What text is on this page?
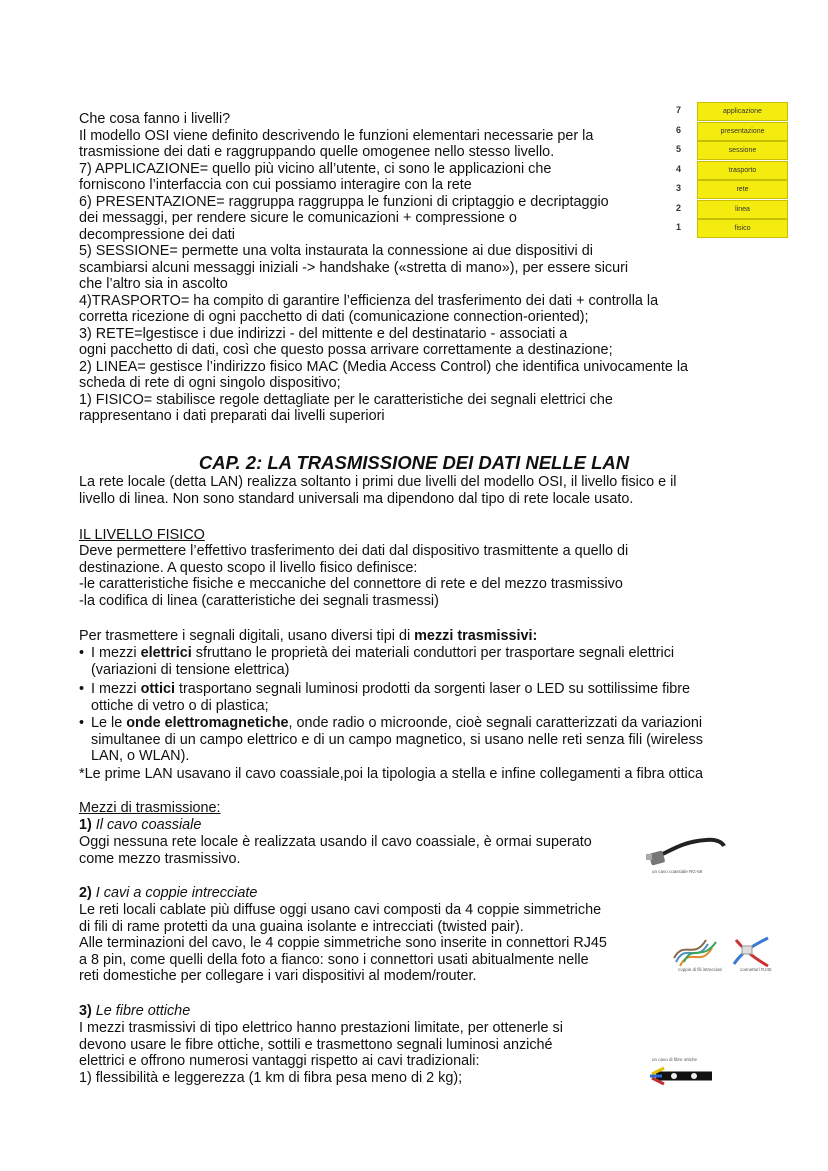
7	applicazione
6	presentazione
5	sessione
4	trasporto
3	rete
2	linea
1	fisico
Che cosa fanno i livelli?
Il modello OSI viene definito descrivendo le funzioni elementari necessarie per la
trasmissione dei dati e raggruppando quelle omogenee nello stesso livello.
7) APPLICAZIONE= quello più vicino all’utente, ci sono le applicazioni che
forniscono l’interfaccia con cui possiamo interagire con la rete
6) PRESENTAZIONE= raggruppa raggruppa le funzioni di criptaggio e decriptaggio
dei messaggi, per rendere sicure le comunicazioni + compressione o
decompressione dei dati
5) SESSIONE= permette una volta instaurata la connessione ai due dispositivi di
scambiarsi alcuni messaggi iniziali -> handshake («stretta di mano»), per essere sicuri
che l’altro sia in ascolto
4)TRASPORTO= ha compito di garantire l’efficienza del trasferimento dei dati + controlla la
corretta ricezione di ogni pacchetto di dati (comunicazione connection-oriented);
3) RETE=lgestisce i due indirizzi - del mittente e del destinatario - associati a
ogni pacchetto di dati, così che questo possa arrivare correttamente a destinazione;
2) LINEA= gestisce l’indirizzo fisico MAC (Media Access Control) che identifica univocamente la
scheda di rete di ogni singolo dispositivo;
1) FISICO= stabilisce regole dettagliate per le caratteristiche dei segnali elettrici che
rappresentano i dati preparati dai livelli superiori
CAP. 2: LA TRASMISSIONE DEI DATI NELLE LAN
La rete locale (detta LAN) realizza soltanto i primi due livelli del modello OSI, il livello fisico e il
livello di linea. Non sono standard universali ma dipendono dal tipo di rete locale usato.
IL LIVELLO FISICO
Deve permettere l’effettivo trasferimento dei dati dal dispositivo trasmittente a quello di
destinazione. A questo scopo il livello fisico definisce:
-le caratteristiche fisiche e meccaniche del connettore di rete e del mezzo trasmissivo
-la codifica di linea (caratteristiche dei segnali trasmessi)
Per trasmettere i segnali digitali, usano diversi tipi di mezzi trasmissivi:
• I mezzi elettrici sfruttano le proprietà dei materiali conduttori per trasportare segnali elettrici
(variazioni di tensione elettrica)
• I mezzi ottici trasportano segnali luminosi prodotti da sorgenti laser o LED su sottilissime fibre
ottiche di vetro o di plastica;
• Le le onde elettromagnetiche, onde radio o microonde, cioè segnali caratterizzati da variazioni
simultanee di un campo elettrico e di un campo magnetico, si usano nelle reti senza fili (wireless
LAN, o WLAN).
*Le prime LAN usavano il cavo coassiale,poi la tipologia a stella e infine collegamenti a fibra ottica
Mezzi di trasmissione:
1) Il cavo coassiale
Oggi nessuna rete locale è realizzata usando il cavo coassiale, è ormai superato
come mezzo trasmissivo.
2) I cavi a coppie intrecciate
Le reti locali cablate più diffuse oggi usano cavi composti da 4 coppie simmetriche
di fili di rame protetti da una guaina isolante e intrecciati (twisted pair).
Alle terminazioni del cavo, le 4 coppie simmetriche sono inserite in connettori RJ45
a 8 pin, come quelli della foto a fianco: sono i connettori usati abitualmente nelle
reti domestiche per collegare i vari dispositivi al modem/router.
3) Le fibre ottiche
I mezzi trasmissivi di tipo elettrico hanno prestazioni limitate, per ottenerle si
devono usare le fibre ottiche, sottili e trasmettono segnali luminosi anziché
elettrici e offrono numerosi vantaggi rispetto ai cavi tradizionali:
1) flessibilità e leggerezza (1 km di fibra pesa meno di 2 kg);
un cavo coassiale RG-58
coppie di fili intrecciati	connettori RJ45
un cavo di fibre ottiche
